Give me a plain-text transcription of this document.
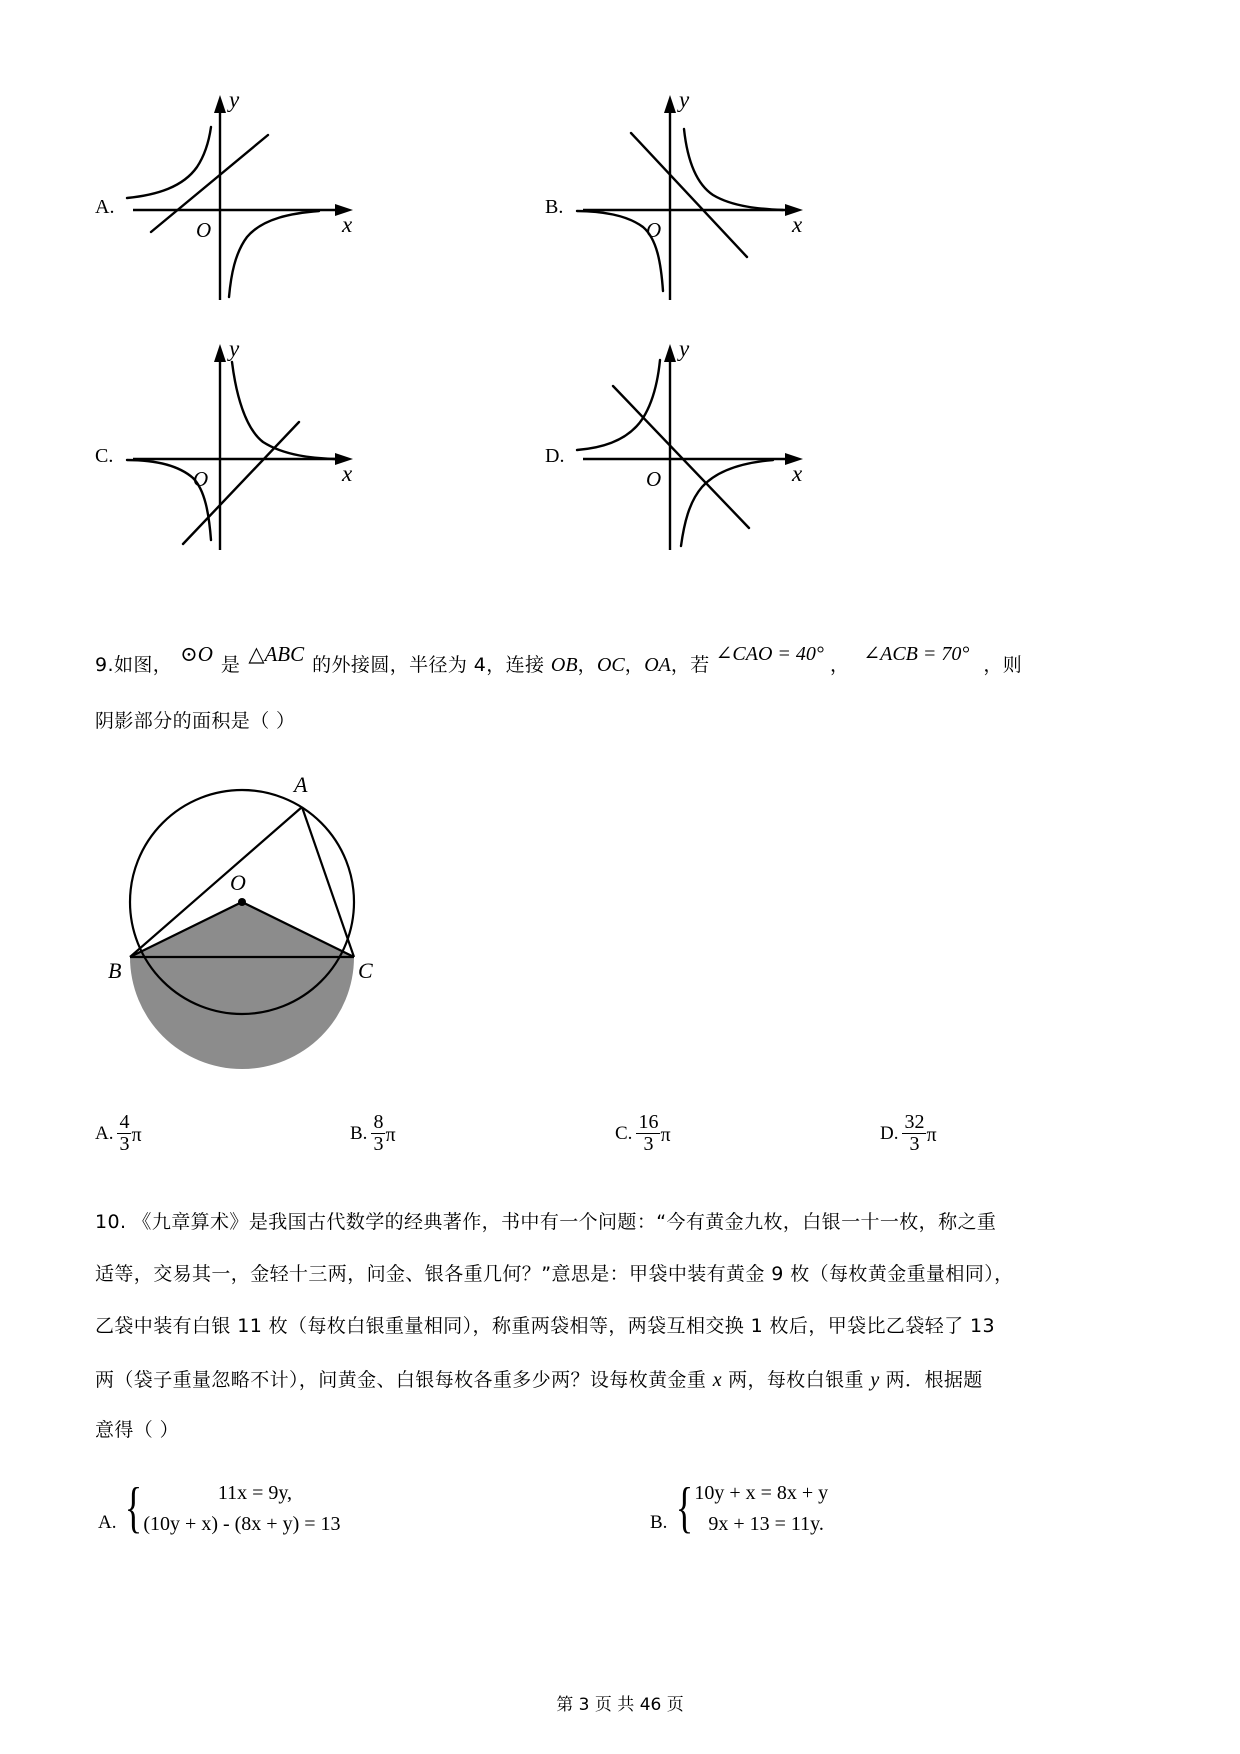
A.
y
x
O
B.
y
x
O
C.
y
x
O
D.
y
x
O
9.如图， ⊙O 是 △ABC 的外接圆，半径为 4，连接 OB，OC，OA，若 ∠CAO = 40° ， ∠ACB = 70° ，则
阴影部分的面积是（ ）
A
B	C
O
A. $\frac{4}{3}$ π	B. $\frac{8}{3}$ π	C. $\frac{16}{3}$ π	D. $\frac{32}{3}$ π
10. 《九章算术》是我国古代数学的经典著作，书中有一个问题：“今有黄金九枚，白银一十一枚，称之重
适等，交易其一，金轻十三两，问金、银各重几何？”意思是：甲袋中装有黄金 9 枚（每枚黄金重量相同），
乙袋中装有白银 11 枚（每枚白银重量相同），称重两袋相等，两袋互相交换 1 枚后，甲袋比乙袋轻了 13
两（袋子重量忽略不计），问黄金、白银每枚各重多少两？设每枚黄金重 x 两，每枚白银重 y 两．根据题
意得（ ）
A. {	11x = 9y,
(10y + x) - (8x + y) = 13	B. { 10y + x = 8x + y
9x + 13 = 11y.
第 3 页 共 46 页
